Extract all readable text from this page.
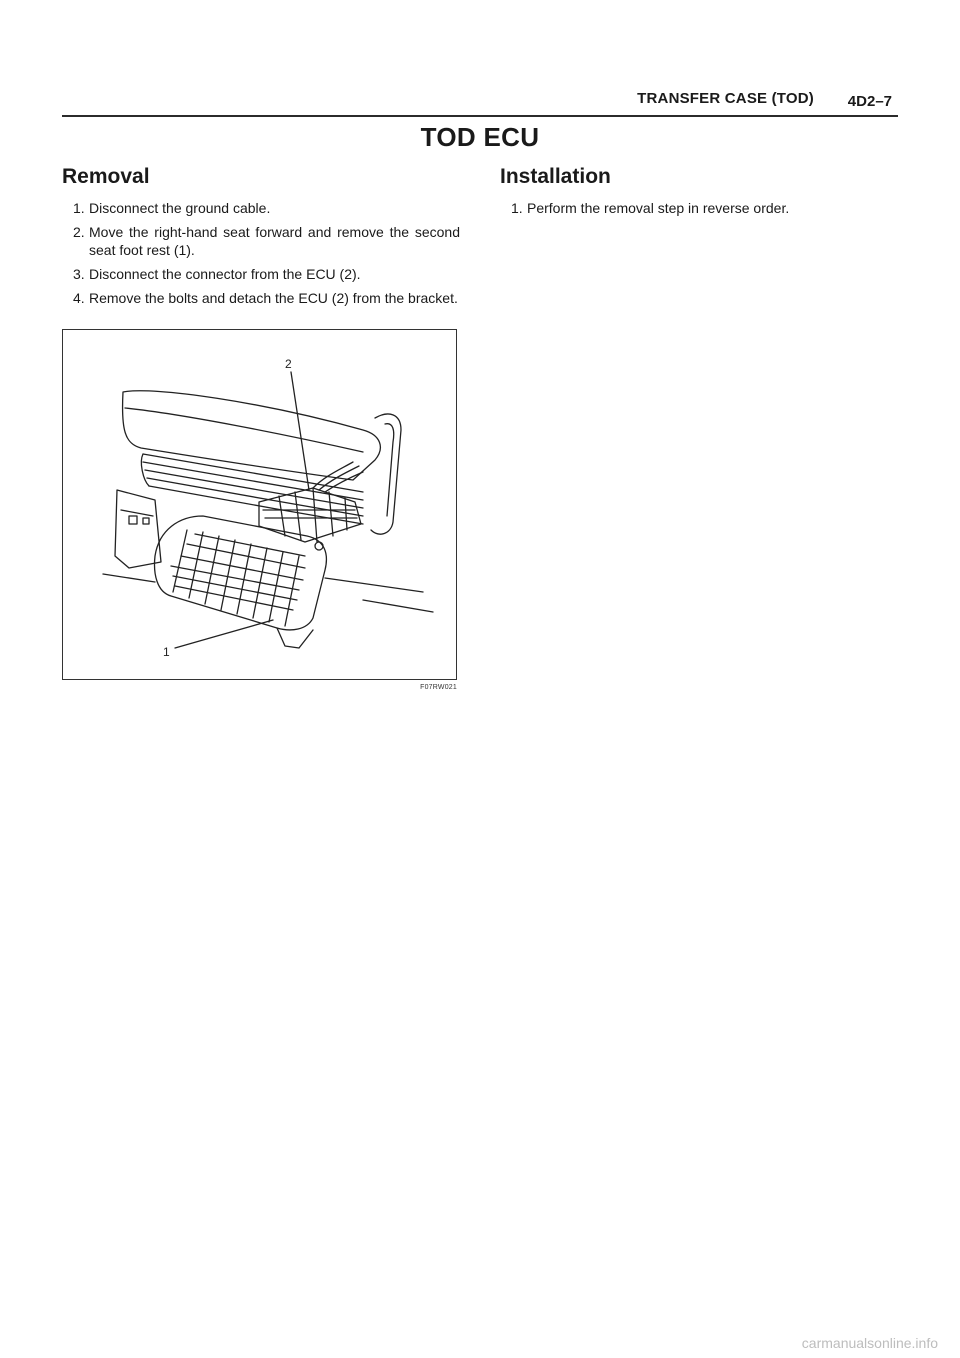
TRANSFER CASE (TOD) 4D2–7
TOD ECU
Removal
1. Disconnect the ground cable.
2. Move the right-hand seat forward and remove the second seat foot rest (1).
3. Disconnect the connector from the ECU (2).
4. Remove the bolts and detach the ECU (2) from the bracket.
Installation
1. Perform the removal step in reverse order.
2
1
F07RW021
carmanualsonline.info
